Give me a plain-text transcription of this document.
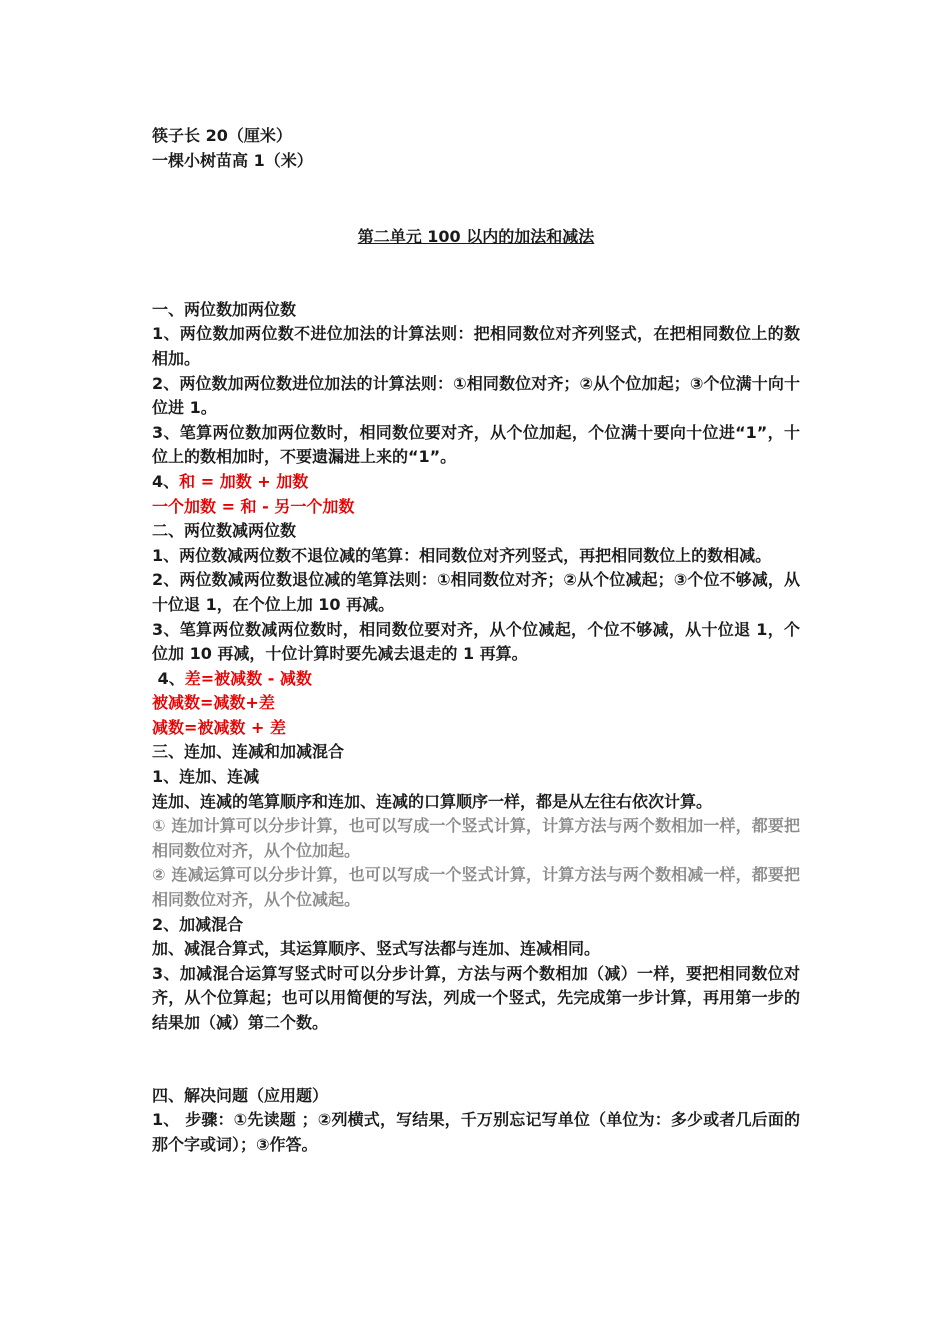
筷子长 20（厘米）

一棵小树苗高 1（米）

第二单元 100 以内的加法和减法

一、两位数加两位数

1、两位数加两位数不进位加法的计算法则：把相同数位对齐列竖式，在把相同数位上的数相加。

2、两位数加两位数进位加法的计算法则：①相同数位对齐；②从个位加起；③个位满十向十位进 1。

3、笔算两位数加两位数时，相同数位要对齐，从个位加起，个位满十要向十位进“1”，十位上的数相加时，不要遗漏进上来的“1”。

4、和 = 加数 + 加数

一个加数 = 和 - 另一个加数

二、两位数减两位数

1、两位数减两位数不退位减的笔算：相同数位对齐列竖式，再把相同数位上的数相减。

2、两位数减两位数退位减的笔算法则：①相同数位对齐；②从个位减起；③个位不够减，从十位退 1，在个位上加 10 再减。

3、笔算两位数减两位数时，相同数位要对齐，从个位减起，个位不够减，从十位退 1，个位加 10 再减，十位计算时要先减去退走的 1 再算。

4、差=被减数 - 减数

被减数=减数+差

减数=被减数 + 差

三、连加、连减和加减混合

1、连加、连减

连加、连减的笔算顺序和连加、连减的口算顺序一样，都是从左往右依次计算。

① 连加计算可以分步计算，也可以写成一个竖式计算，计算方法与两个数相加一样，都要把相同数位对齐，从个位加起。

② 连减运算可以分步计算，也可以写成一个竖式计算，计算方法与两个数相减一样，都要把相同数位对齐，从个位减起。

2、加减混合

加、减混合算式，其运算顺序、竖式写法都与连加、连减相同。

3、加减混合运算写竖式时可以分步计算，方法与两个数相加（减）一样，要把相同数位对齐，从个位算起；也可以用简便的写法，列成一个竖式，先完成第一步计算，再用第一步的结果加（减）第二个数。

四、解决问题（应用题）

1、 步骤：①先读题 ；②列横式，写结果，千万别忘记写单位（单位为：多少或者几后面的那个字或词）；③作答。
